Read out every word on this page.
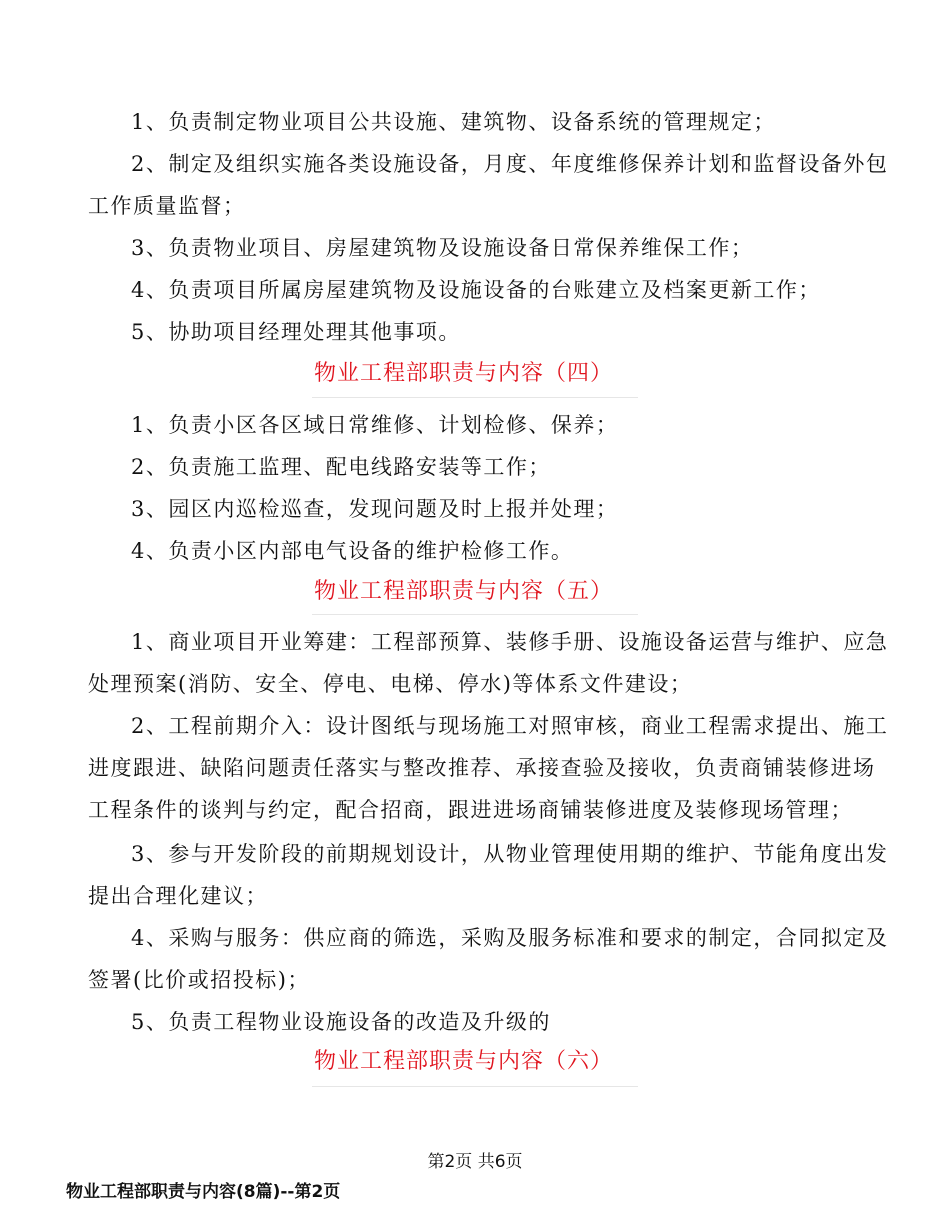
1、负责制定物业项目公共设施、建筑物、设备系统的管理规定；
2、制定及组织实施各类设施设备，月度、年度维修保养计划和监督设备外包
工作质量监督；
3、负责物业项目、房屋建筑物及设施设备日常保养维保工作；
4、负责项目所属房屋建筑物及设施设备的台账建立及档案更新工作；
5、协助项目经理处理其他事项。
物业工程部职责与内容（四）
1、负责小区各区域日常维修、计划检修、保养；
2、负责施工监理、配电线路安装等工作；
3、园区内巡检巡查，发现问题及时上报并处理；
4、负责小区内部电气设备的维护检修工作。
物业工程部职责与内容（五）
1、商业项目开业筹建：工程部预算、装修手册、设施设备运营与维护、应急
处理预案(消防、安全、停电、电梯、停水)等体系文件建设；
2、工程前期介入：设计图纸与现场施工对照审核，商业工程需求提出、施工
进度跟进、缺陷问题责任落实与整改推荐、承接查验及接收，负责商铺装修进场
工程条件的谈判与约定，配合招商，跟进进场商铺装修进度及装修现场管理；
3、参与开发阶段的前期规划设计，从物业管理使用期的维护、节能角度出发
提出合理化建议；
4、采购与服务：供应商的筛选，采购及服务标准和要求的制定，合同拟定及
签署(比价或招投标)；
5、负责工程物业设施设备的改造及升级的
物业工程部职责与内容（六）
第2页 共6页
物业工程部职责与内容(8篇)--第2页
